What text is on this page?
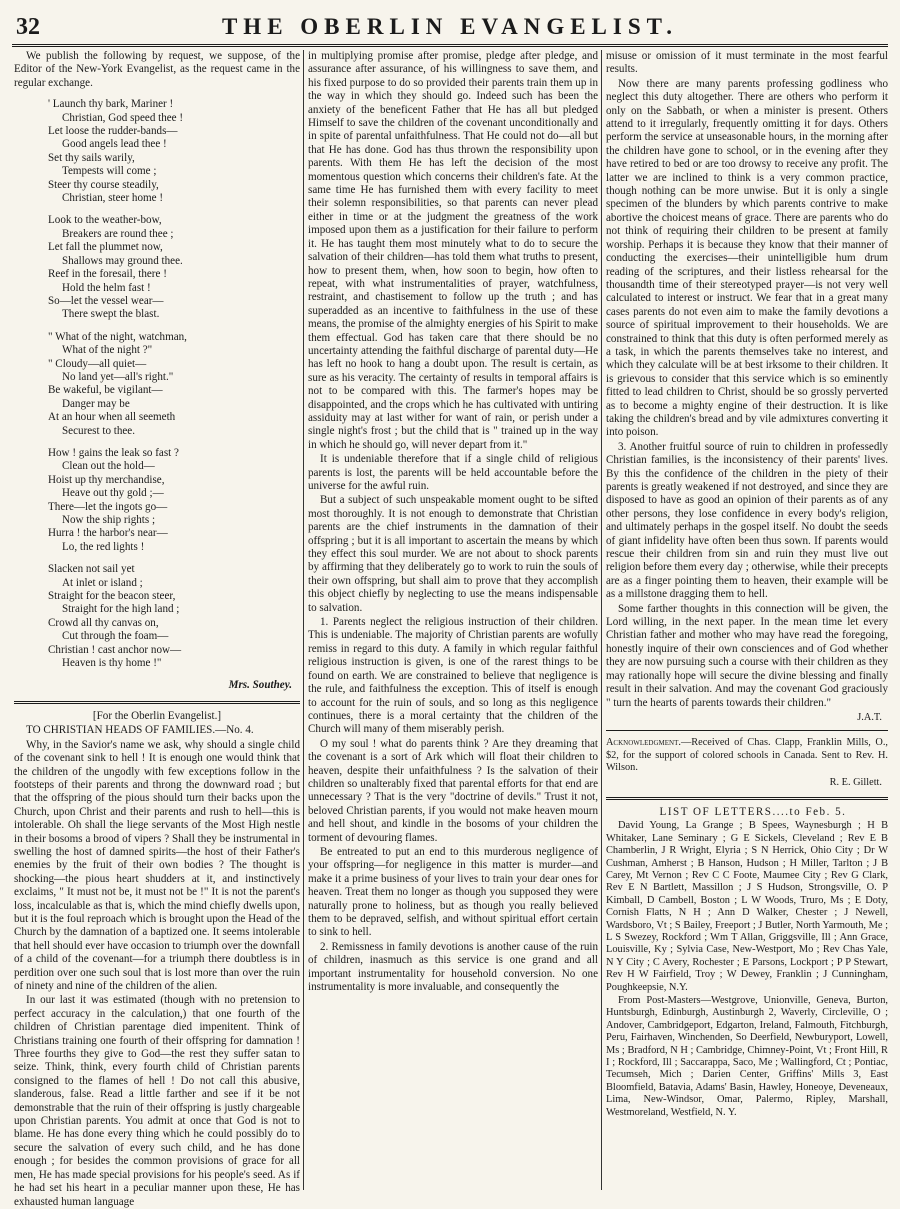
32	THE OBERLIN EVANGELIST.

We publish the following by request, we suppose, of the Editor of the New-York Evangelist, as the request came in the regular exchange.

' Launch thy bark, Mariner !
Christian, God speed thee !
Let loose the rudder-bands—
Good angels lead thee !
Set thy sails warily,
Tempests will come ;
Steer thy course steadily,
Christian, steer home !
Look to the weather-bow,
Breakers are round thee ;
Let fall the plummet now,
Shallows may ground thee.
Reef in the foresail, there !
Hold the helm fast !
So—let the vessel wear—
There swept the blast.
" What of the night, watchman,
What of the night ?"
" Cloudy—all quiet—
No land yet—all's right."
Be wakeful, be vigilant—
Danger may be
At an hour when all seemeth
Securest to thee.
How ! gains the leak so fast ?
Clean out the hold—
Hoist up thy merchandise,
Heave out thy gold ;—
There—let the ingots go—
Now the ship rights ;
Hurra ! the harbor's near—
Lo, the red lights !
Slacken not sail yet
At inlet or island ;
Straight for the beacon steer,
Straight for the high land ;
Crowd all thy canvas on,
Cut through the foam—
Christian ! cast anchor now—
Heaven is thy home !"
Mrs. Southey.

[For the Oberlin Evangelist.]

TO CHRISTIAN HEADS OF FAMILIES.—No. 4.

Why, in the Savior's name we ask, why should a single child of the covenant sink to hell ! It is enough one would think that the children of the ungodly with few exceptions follow in the footsteps of their parents and throng the downward road ; but that the offspring of the pious should turn their backs upon the Church, upon Christ and their parents and rush to hell—this is intolerable. Oh shall the liege servants of the Most High nestle in their bosoms a brood of vipers ? Shall they be instrumental in swelling the host of damned spirits—the host of their Father's enemies by the fruit of their own bodies ? The thought is shocking—the pious heart shudders at it, and instinctively exclaims, " It must not be, it must not be !" It is not the parent's loss, incalculable as that is, which the mind chiefly dwells upon, but it is the foul reproach which is brought upon the Head of the Church by the damnation of a baptized one. It seems intolerable that hell should ever have occasion to triumph over the downfall of a child of the covenant—for a triumph there doubtless is in perdition over one such soul that is lost more than over the ruin of ninety and nine of the children of the alien.

In our last it was estimated (though with no pretension to perfect accuracy in the calculation,) that one fourth of the children of Christian parentage died impenitent. Think of Christians training one fourth of their offspring for damnation ! Three fourths they give to God—the rest they suffer satan to seize. Think, think, every fourth child of Christian parents consigned to the flames of hell ! Do not call this abusive, slanderous, false. Read a little farther and see if it be not demonstrable that the ruin of their offspring is justly chargeable upon Christian parents. You admit at once that God is not to blame. He has done every thing which he could possibly do to secure the salvation of every such child, and he has done enough ; for besides the common provisions of grace for all men, He has made special provisions for his people's seed. As if he had set his heart in a peculiar manner upon these, He has exhausted human language

in multiplying promise after promise, pledge after pledge, and assurance after assurance, of his willingness to save them, and his fixed purpose to do so provided their parents train them up in the way in which they should go. Indeed such has been the anxiety of the beneficent Father that He has all but pledged Himself to save the children of the covenant unconditionally and in spite of parental unfaithfulness. That He could not do—all but that He has done. God has thus thrown the responsibility upon parents. With them He has left the decision of the most momentous question which concerns their children's fate. At the same time He has furnished them with every facility to meet their solemn responsibilities, so that parents can never plead either in time or at the judgment the greatness of the work imposed upon them as a justification for their failure to perform it. He has taught them most minutely what to do to secure the salvation of their children—has told them what truths to present, how to present them, when, how soon to begin, how often to repeat, with what instrumentalities of prayer, watchfulness, restraint, and chastisement to follow up the truth ; and has superadded as an incentive to faithfulness in the use of these means, the promise of the almighty energies of his Spirit to make them effectual. God has taken care that there should be no uncertainty attending the faithful discharge of parental duty—He has left no hook to hang a doubt upon. The result is certain, as sure as his veracity. The certainty of results in temporal affairs is not to be compared with this. The farmer's hopes may be disappointed, and the crops which he has cultivated with untiring assiduity may at last wither for want of rain, or perish under a single night's frost ; but the child that is " trained up in the way in which he should go, will never depart from it."

It is undeniable therefore that if a single child of religious parents is lost, the parents will be held accountable before the universe for the awful ruin.

But a subject of such unspeakable moment ought to be sifted most thoroughly. It is not enough to demonstrate that Christian parents are the chief instruments in the damnation of their offspring ; but it is all important to ascertain the means by which they effect this soul murder. We are not about to shock parents by affirming that they deliberately go to work to ruin the souls of their own offspring, but shall aim to prove that they accomplish this object chiefly by neglecting to use the means indispensable to salvation.

1. Parents neglect the religious instruction of their children. This is undeniable. The majority of Christian parents are wofully remiss in regard to this duty. A family in which regular faithful religious instruction is given, is one of the rarest things to be found on earth. We are constrained to believe that negligence is the rule, and faithfulness the exception. This of itself is enough to account for the ruin of souls, and so long as this negligence continues, there is a moral certainty that the children of the Church will many of them miserably perish.

O my soul ! what do parents think ? Are they dreaming that the covenant is a sort of Ark which will float their children to heaven, despite their unfaithfulness ? Is the salvation of their children so unalterably fixed that parental efforts for that end are unnecessary ? That is the very "doctrine of devils." Trust it not, beloved Christian parents, if you would not make heaven mourn and hell shout, and kindle in the bosoms of your children the torment of devouring flames.

Be entreated to put an end to this murderous negligence of your offspring—for negligence in this matter is murder—and make it a prime business of your lives to train your dear ones for heaven. Treat them no longer as though you supposed they were naturally prone to holiness, but as though you really believed them to be depraved, selfish, and without spiritual effort certain to sink to hell.

2. Remissness in family devotions is another cause of the ruin of children, inasmuch as this service is one grand and all important instrumentality for household conversion. No one instrumentality is more invaluable, and consequently the

misuse or omission of it must terminate in the most fearful results.

Now there are many parents professing godliness who neglect this duty altogether. There are others who perform it only on the Sabbath, or when a minister is present. Others attend to it irregularly, frequently omitting it for days. Others perform the service at unseasonable hours, in the morning after the children have gone to school, or in the evening after they have retired to bed or are too drowsy to receive any profit. The latter we are inclined to think is a very common practice, though nothing can be more unwise. But it is only a single specimen of the blunders by which parents contrive to make abortive the choicest means of grace. There are parents who do not think of requiring their children to be present at family worship. Perhaps it is because they know that their manner of conducting the exercises—their unintelligible hum drum reading of the scriptures, and their listless rehearsal for the thousandth time of their stereotyped prayer—is not very well calculated to interest or instruct. We fear that in a great many cases parents do not even aim to make the family devotions a source of spiritual improvement to their households. We are constrained to think that this duty is often performed merely as a task, in which the parents themselves take no interest, and which they calculate will be at best irksome to their children. It is grievous to consider that this service which is so eminently fitted to lead children to Christ, should be so grossly perverted as to become a mighty engine of their destruction. It is like taking the children's bread and by vile admixtures converting it into poison.

3. Another fruitful source of ruin to children in professedly Christian families, is the inconsistency of their parents' lives. By this the confidence of the children in the piety of their parents is greatly weakened if not destroyed, and since they are disposed to have as good an opinion of their parents as of any other persons, they lose confidence in every body's religion, and ultimately perhaps in the gospel itself. No doubt the seeds of giant infidelity have often been thus sown. If parents would rescue their children from sin and ruin they must live out religion before them every day ; otherwise, while their precepts are as a finger pointing them to heaven, their example will be as a millstone dragging them to hell.

Some farther thoughts in this connection will be given, the Lord willing, in the next paper. In the mean time let every Christian father and mother who may have read the foregoing, honestly inquire of their own consciences and of God whether they are now pursuing such a course with their children as they may rationally hope will secure the divine blessing and finally result in their salvation. And may the covenant God graciously " turn the hearts of parents towards their children."

J.A.T.

Acknowledgment.—Received of Chas. Clapp, Franklin Mills, O., $2, for the support of colored schools in Canada. Sent to Rev. H. Wilson.

R. E. Gillett.

LIST OF LETTERS....to Feb. 5.

David Young, La Grange ; B Spees, Waynesburgh ; H B Whitaker, Lane Seminary ; G E Sickels, Cleveland ; Rev E B Chamberlin, J R Wright, Elyria ; S N Herrick, Ohio City ; Dr W Cushman, Amherst ; B Hanson, Hudson ; H Miller, Tarlton ; J B Carey, Mt Vernon ; Rev C C Foote, Maumee City ; Rev G Clark, Rev E N Bartlett, Massillon ; J S Hudson, Strongsville, O. P Kimball, D Cambell, Boston ; L W Woods, Truro, Ms ; E Doty, Cornish Flatts, N H ; Ann D Walker, Chester ; J Newell, Wardsboro, Vt ; S Bailey, Freeport ; J Butler, North Yarmouth, Me ; L S Swezey, Rockford ; Wm T Allan, Griggsville, Ill ; Ann Grace, Louisville, Ky ; Sylvia Case, New-Westport, Mo ; Rev Chas Yale, N Y City ; C Avery, Rochester ; E Parsons, Lockport ; P P Stewart, Rev H W Fairfield, Troy ; W Dewey, Franklin ; J Cunningham, Poughkeepsie, N.Y.

From Post-Masters—Westgrove, Unionville, Geneva, Burton, Huntsburgh, Edinburgh, Austinburgh 2, Waverly, Circleville, O ; Andover, Cambridgeport, Edgarton, Ireland, Falmouth, Fitchburgh, Peru, Fairhaven, Winchenden, So Deerfield, Newburyport, Lowell, Ms ; Bradford, N H ; Cambridge, Chimney-Point, Vt ; Front Hill, R I ; Rockford, Ill ; Saccarappa, Saco, Me ; Wallingford, Ct ; Pontiac, Tecumseh, Mich ; Darien Center, Griffins' Mills 3, East Bloomfield, Batavia, Adams' Basin, Hawley, Honeoye, Deveneaux, Lima, New-Windsor, Omar, Palermo, Ripley, Marshall, Westmoreland, Westfield, N. Y.
